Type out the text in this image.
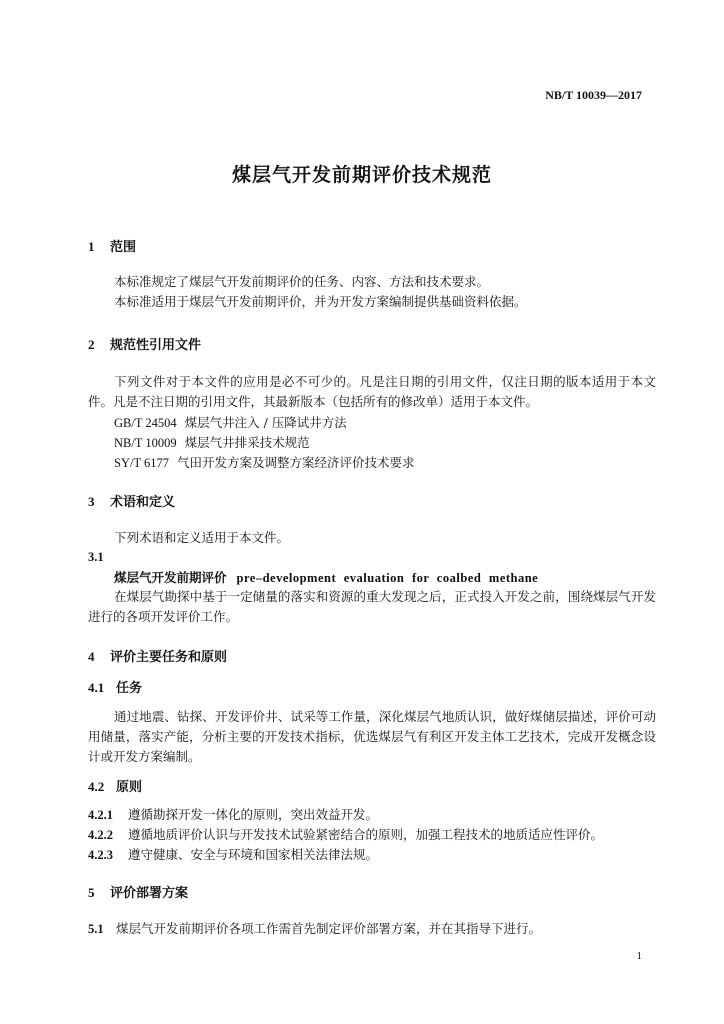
NB/T 10039—2017
煤层气开发前期评价技术规范
1 范围
本标准规定了煤层气开发前期评价的任务、内容、方法和技术要求。
本标准适用于煤层气开发前期评价，并为开发方案编制提供基础资料依据。
2 规范性引用文件
下列文件对于本文件的应用是必不可少的。凡是注日期的引用文件，仅注日期的版本适用于本文件。凡是不注日期的引用文件，其最新版本（包括所有的修改单）适用于本文件。
GB/T 24504 煤层气井注入 / 压降试井方法
NB/T 10009 煤层气井排采技术规范
SY/T 6177 气田开发方案及调整方案经济评价技术要求
3 术语和定义
下列术语和定义适用于本文件。
3.1
煤层气开发前期评价 pre–development evaluation for coalbed methane
在煤层气勘探中基于一定储量的落实和资源的重大发现之后，正式投入开发之前，围绕煤层气开发进行的各项开发评价工作。
4 评价主要任务和原则
4.1 任务
通过地震、钻探、开发评价井、试采等工作量，深化煤层气地质认识，做好煤储层描述，评价可动用储量，落实产能，分析主要的开发技术指标，优选煤层气有利区开发主体工艺技术，完成开发概念设计或开发方案编制。
4.2 原则
4.2.1 遵循勘探开发一体化的原则，突出效益开发。
4.2.2 遵循地质评价认识与开发技术试验紧密结合的原则，加强工程技术的地质适应性评价。
4.2.3 遵守健康、安全与环境和国家相关法律法规。
5 评价部署方案
5.1 煤层气开发前期评价各项工作需首先制定评价部署方案，并在其指导下进行。
1
